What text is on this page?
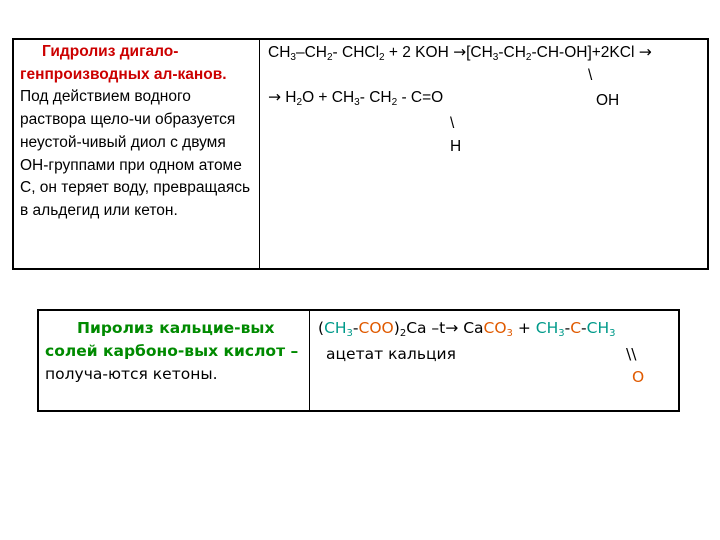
Гидролиз дигало-генпроизводных ал-канов. Под действием водного раствора щело-чи образуется неустой-чивый диол с двумя ОН-группами при одном атоме С, он теряет воду, превращаясь в альдегид или кетон.	
$CH_3-CH_2-$ CHCl$_2$ + 2 KOH $\to[CH_3-CH_2-CH-OH]+2KCl$ →
\
→ $H_2O + CH_3-$ $CH_2 - C=O$	OH
\
H
Пиролиз кальцие-вых солей карбоно-вых кислот – получа-ются кетоны.	
$(CH_3-COO)_2Ca$ –t→ CaCO$_3$ + $CH_3-C-CH_3$
ацетат кальция	\\
O
